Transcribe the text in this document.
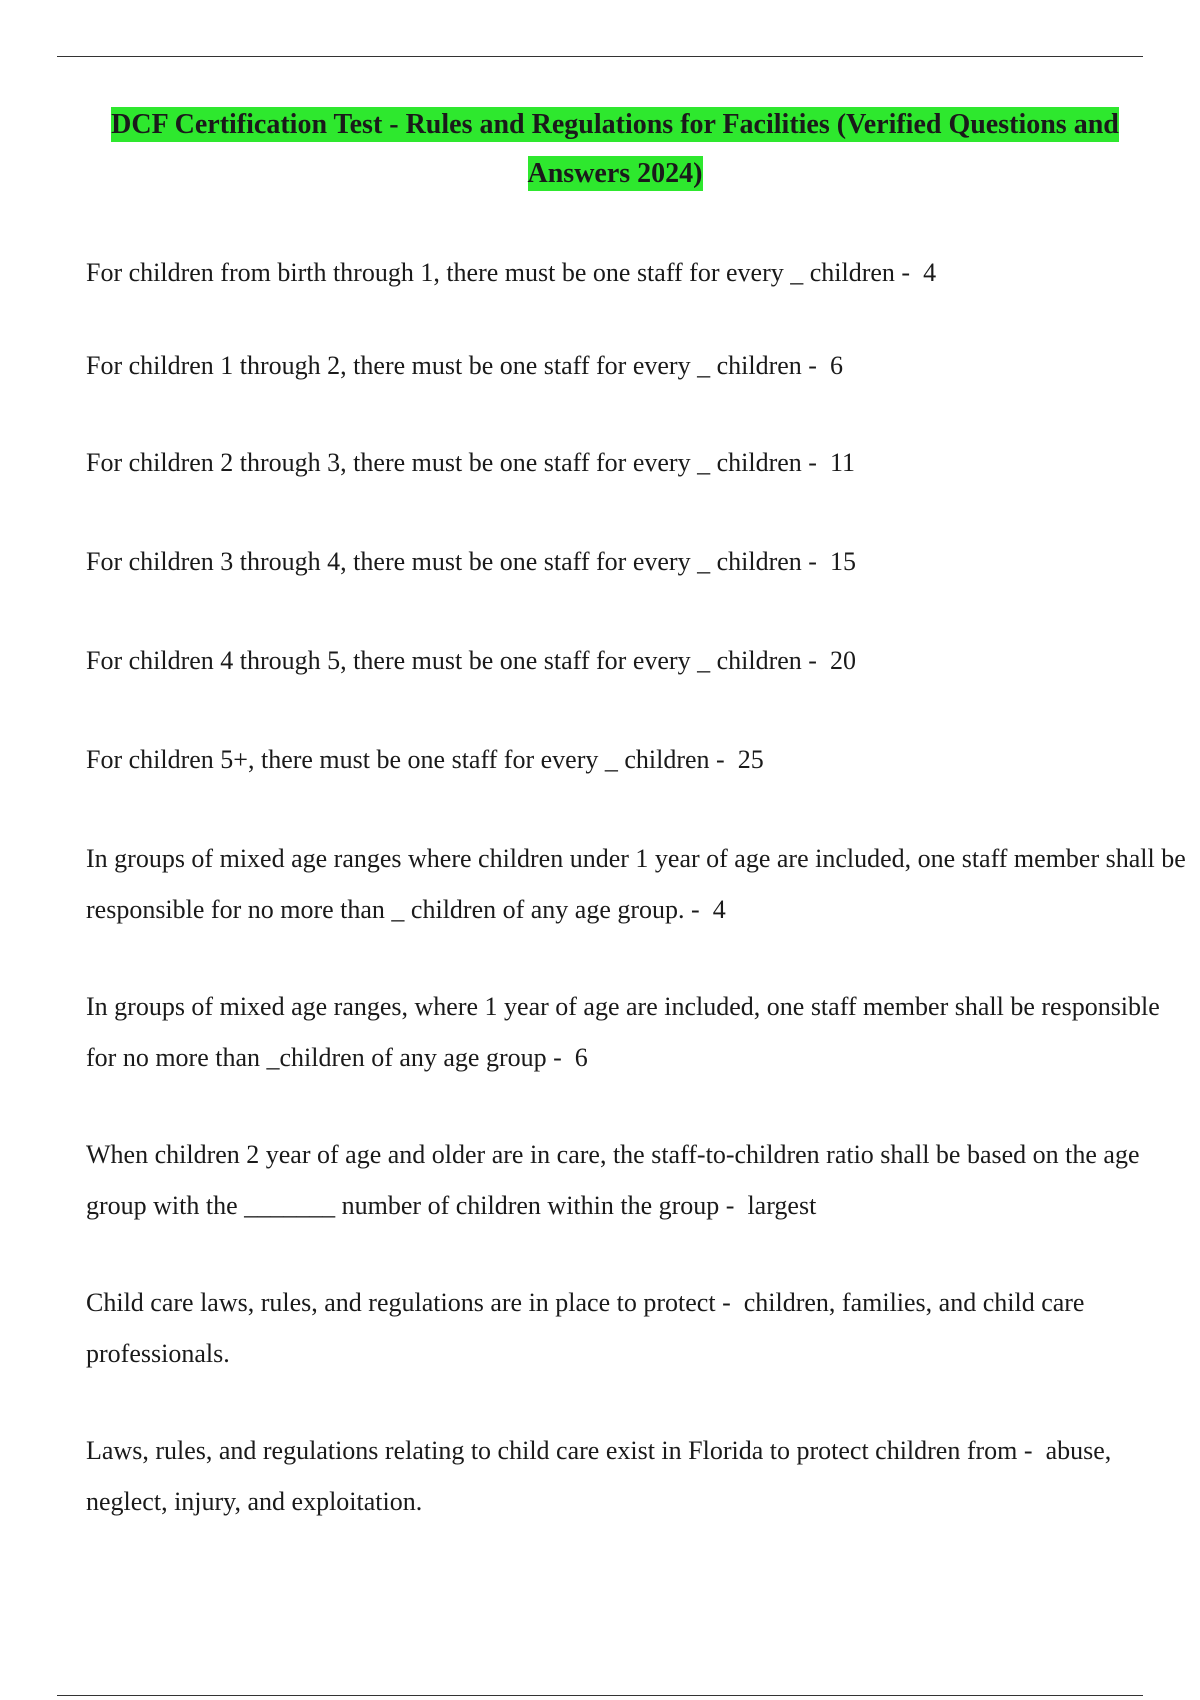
DCF Certification Test - Rules and Regulations for Facilities (Verified Questions and Answers 2024)

For children from birth through 1, there must be one staff for every _ children -  4

For children 1 through 2, there must be one staff for every _ children -  6

For children 2 through 3, there must be one staff for every _ children -  11

For children 3 through 4, there must be one staff for every _ children -  15

For children 4 through 5, there must be one staff for every _ children -  20

For children 5+, there must be one staff for every _ children -  25

In groups of mixed age ranges where children under 1 year of age are included, one staff member shall be responsible for no more than _ children of any age group. -  4

In groups of mixed age ranges, where 1 year of age are included, one staff member shall be responsible for no more than _children of any age group -  6

When children 2 year of age and older are in care, the staff-to-children ratio shall be based on the age group with the _______ number of children within the group -  largest

Child care laws, rules, and regulations are in place to protect -  children, families, and child care professionals.

Laws, rules, and regulations relating to child care exist in Florida to protect children from -  abuse, neglect, injury, and exploitation.
